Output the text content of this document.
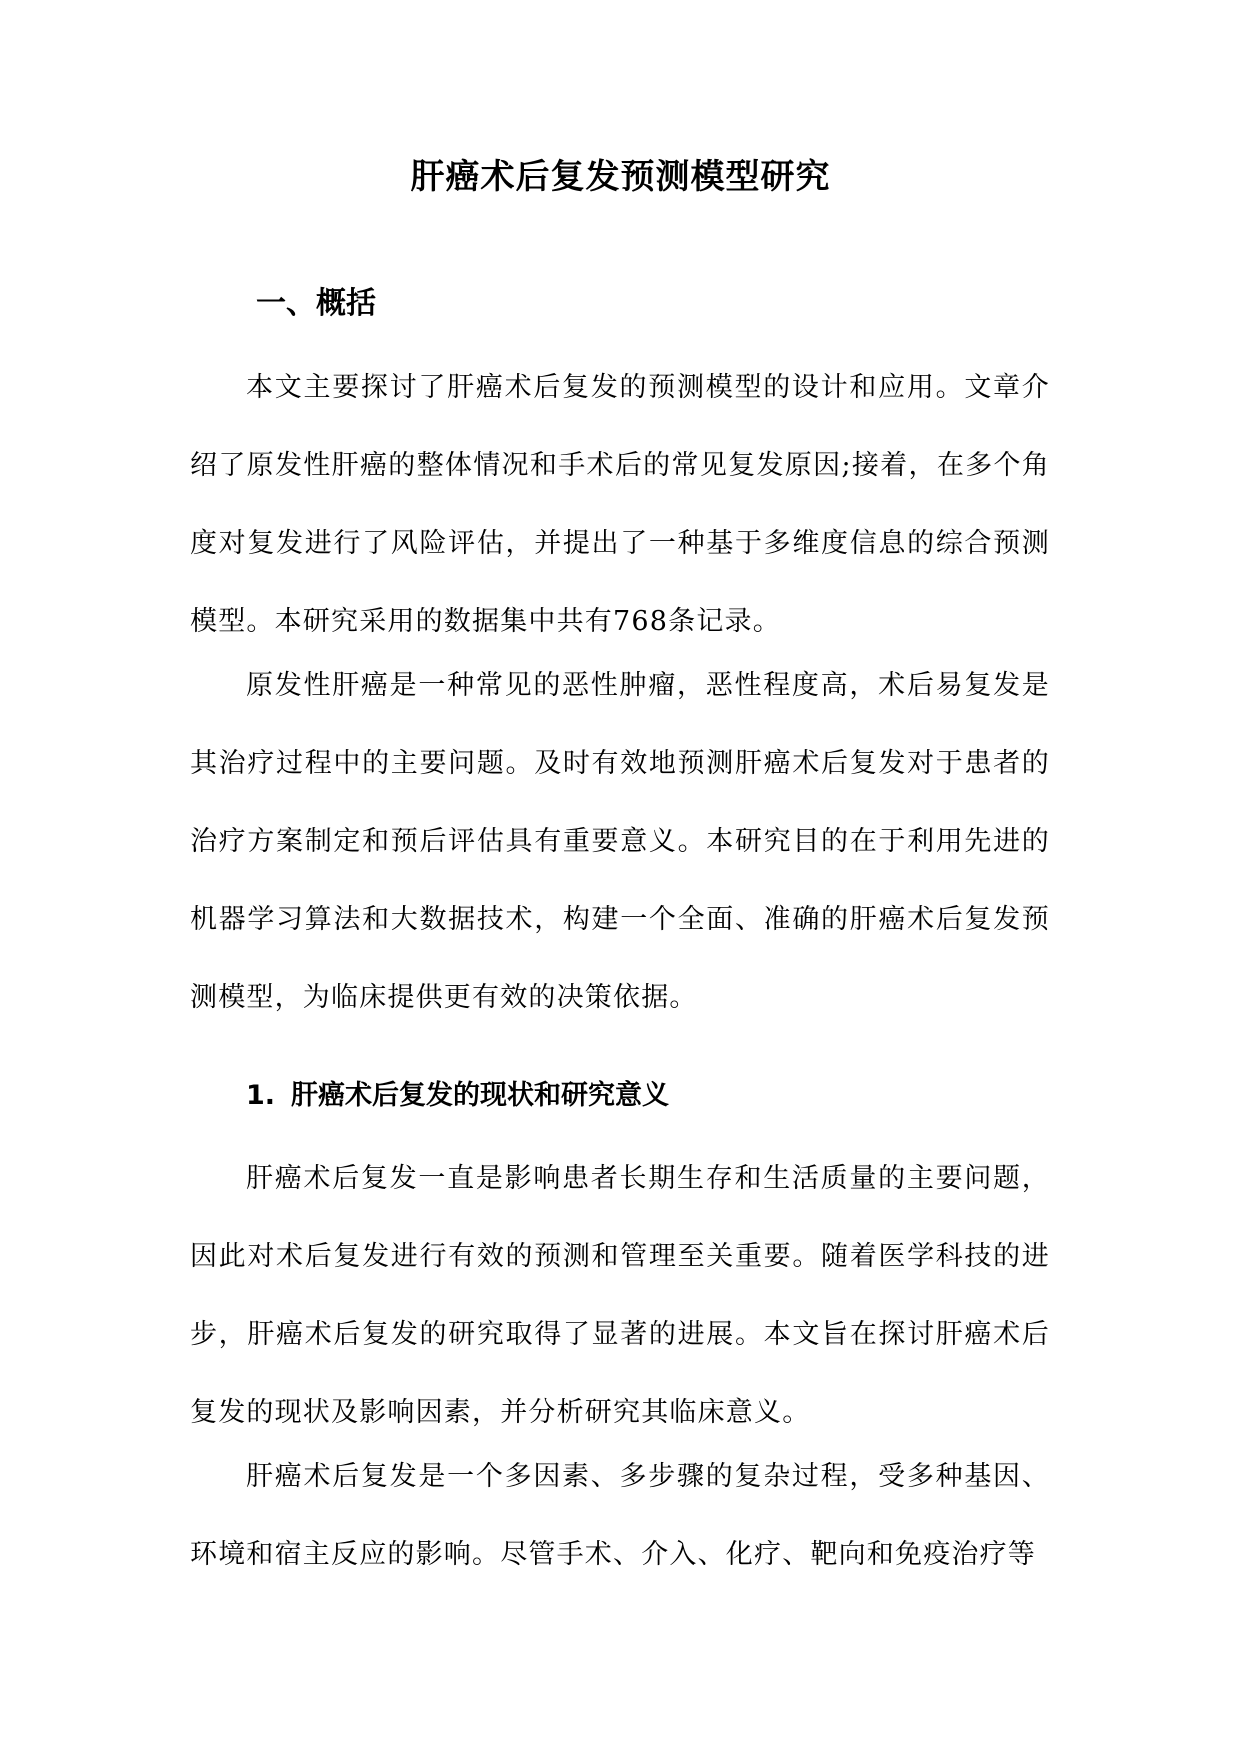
肝癌术后复发预测模型研究
一、概括

本文主要探讨了肝癌术后复发的预测模型的设计和应用。文章介绍了原发性肝癌的整体情况和手术后的常见复发原因;接着，在多个角度对复发进行了风险评估，并提出了一种基于多维度信息的综合预测模型。本研究采用的数据集中共有768条记录。

原发性肝癌是一种常见的恶性肿瘤，恶性程度高，术后易复发是其治疗过程中的主要问题。及时有效地预测肝癌术后复发对于患者的治疗方案制定和预后评估具有重要意义。本研究目的在于利用先进的机器学习算法和大数据技术，构建一个全面、准确的肝癌术后复发预测模型，为临床提供更有效的决策依据。

1. 肝癌术后复发的现状和研究意义

肝癌术后复发一直是影响患者长期生存和生活质量的主要问题，因此对术后复发进行有效的预测和管理至关重要。随着医学科技的进步，肝癌术后复发的研究取得了显著的进展。本文旨在探讨肝癌术后复发的现状及影响因素，并分析研究其临床意义。

肝癌术后复发是一个多因素、多步骤的复杂过程，受多种基因、环境和宿主反应的影响。尽管手术、介入、化疗、靶向和免疫治疗等
